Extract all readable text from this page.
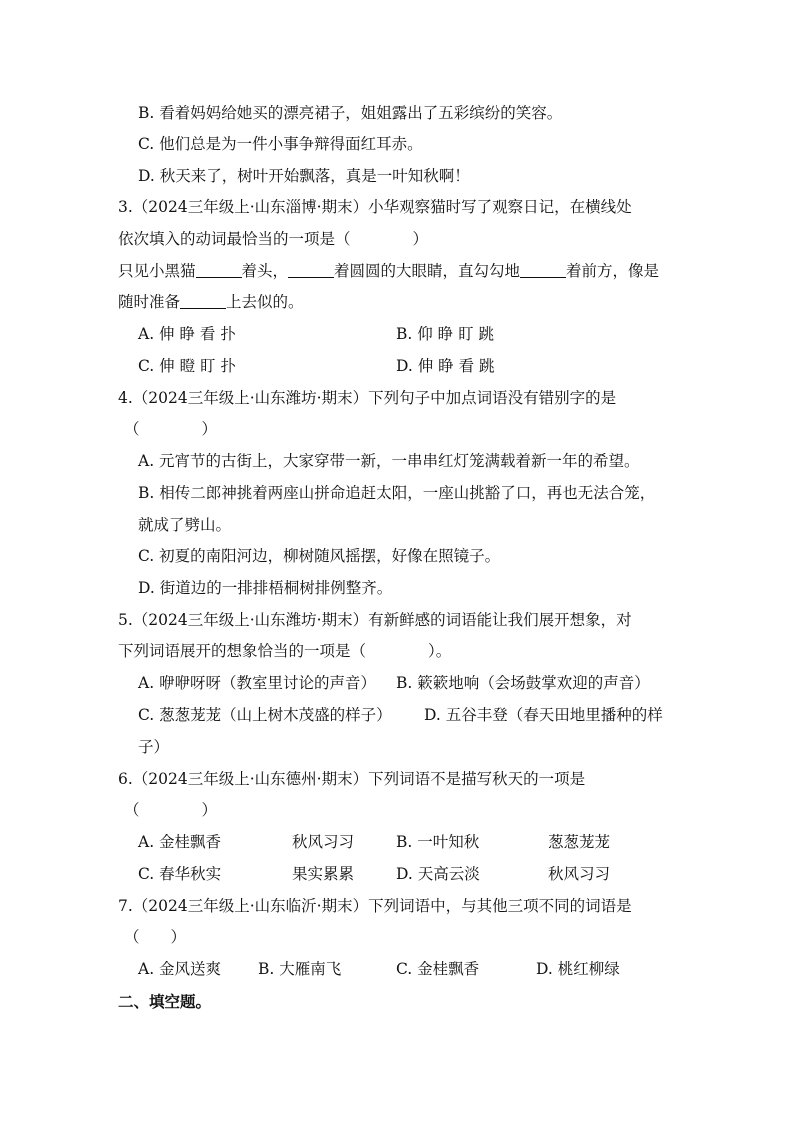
B. 看着妈妈给她买的漂亮裙子，姐姐露出了五彩缤纷的笑容。
C. 他们总是为一件小事争辩得面红耳赤。
D. 秋天来了，树叶开始飘落，真是一叶知秋啊！
3.（2024三年级上·山东淄博·期末）小华观察猫时写了观察日记，在横线处
依次填入的动词最恰当的一项是（　　　　）
只见小黑猫	着头，	着圆圆的大眼睛，直勾勾地	着前方，像是
随时准备	上去似的。
A. 伸 睁 看 扑	B. 仰 睁 盯 跳
C. 伸 瞪 盯 扑	D. 伸 睁 看 跳
4.（2024三年级上·山东潍坊·期末）下列句子中加点词语没有错别字的是
（　　　　）
A. 元宵节的古街上，大家穿带一新，一串串红灯笼满载着新一年的希望。
B. 相传二郎神挑着两座山拼命追赶太阳，一座山挑豁了口，再也无法合笼，
就成了劈山。
C. 初夏的南阳河边，柳树随风摇摆，好像在照镜子。
D. 街道边的一排排梧桐树排例整齐。
5.（2024三年级上·山东潍坊·期末）有新鲜感的词语能让我们展开想象，对
下列词语展开的想象恰当的一项是（　　　　）。
A. 咿咿呀呀（教室里讨论的声音） B. 簌簌地响（会场鼓掌欢迎的声音）
C. 葱葱茏茏（山上树木茂盛的样子） D. 五谷丰登（春天田地里播种的样
子）
6.（2024三年级上·山东德州·期末）下列词语不是描写秋天的一项是
（　　　　）
A. 金桂飘香	秋风习习	B. 一叶知秋	葱葱茏茏
C. 春华秋实	果实累累	D. 天高云淡	秋风习习
7.（2024三年级上·山东临沂·期末）下列词语中，与其他三项不同的词语是
（　　）
A. 金风送爽 B. 大雁南飞	C. 金桂飘香	D. 桃红柳绿
二、填空题。
